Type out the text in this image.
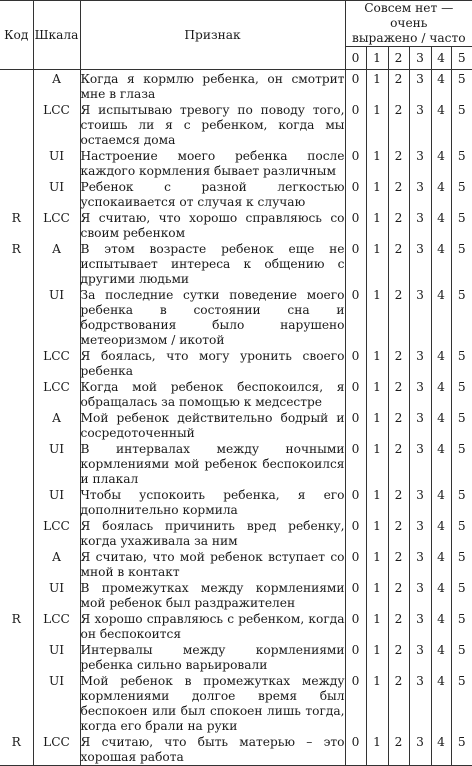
Код	Шкала	Признак	Совсем нет — очень
выражено / часто					

			0	1	2	3	4	5
	A	Когда я кормлю ребенка, он смотрит мне в глаза	0	1	2	3	4	5
	LCC	Я испытываю тревогу по поводу того, стоишь ли я с ребенком, когда мы остаемся дома	0	1	2	3	4	5
	UI	Настроение моего ребенка после каждого кормления бывает различным	0	1	2	3	4	5
	UI	Ребенок с разной легкостью успокаивается от случая к случаю	0	1	2	3	4	5
R	LCC	Я считаю, что хорошо справляюсь со своим ребенком	0	1	2	3	4	5
R	A	В этом возрасте ребенок еще не испытывает интереса к общению с другими людьми	0	1	2	3	4	5
	UI	За последние сутки поведение моего ребенка в состоянии сна и бодрствования было нарушено метеоризмом / икотой	0	1	2	3	4	5
	LCC	Я боялась, что могу уронить своего ребенка	0	1	2	3	4	5
	LCC	Когда мой ребенок беспокоился, я обращалась за помощью к медсестре	0	1	2	3	4	5
	A	Мой ребенок действительно бодрый и сосредоточенный	0	1	2	3	4	5
	UI	В интервалах между ночными кормлениями мой ребенок беспокоился и плакал	0	1	2	3	4	5
	UI	Чтобы успокоить ребенка, я его дополнительно кормила	0	1	2	3	4	5
	LCC	Я боялась причинить вред ребенку, когда ухаживала за ним	0	1	2	3	4	5
	A	Я считаю, что мой ребенок вступает со мной в контакт	0	1	2	3	4	5
	UI	В промежутках между кормлениями мой ребенок был раздражителен	0	1	2	3	4	5
R	LCC	Я хорошо справляюсь с ребенком, когда он беспокоится	0	1	2	3	4	5
	UI	Интервалы между кормлениями ребенка сильно варьировали	0	1	2	3	4	5
	UI	Мой ребенок в промежутках между кормлениями долгое время был беспокоен или был спокоен лишь тогда, когда его брали на руки	0	1	2	3	4	5
R	LCC	Я считаю, что быть матерью – это хорошая работа	0	1	2	3	4	5
